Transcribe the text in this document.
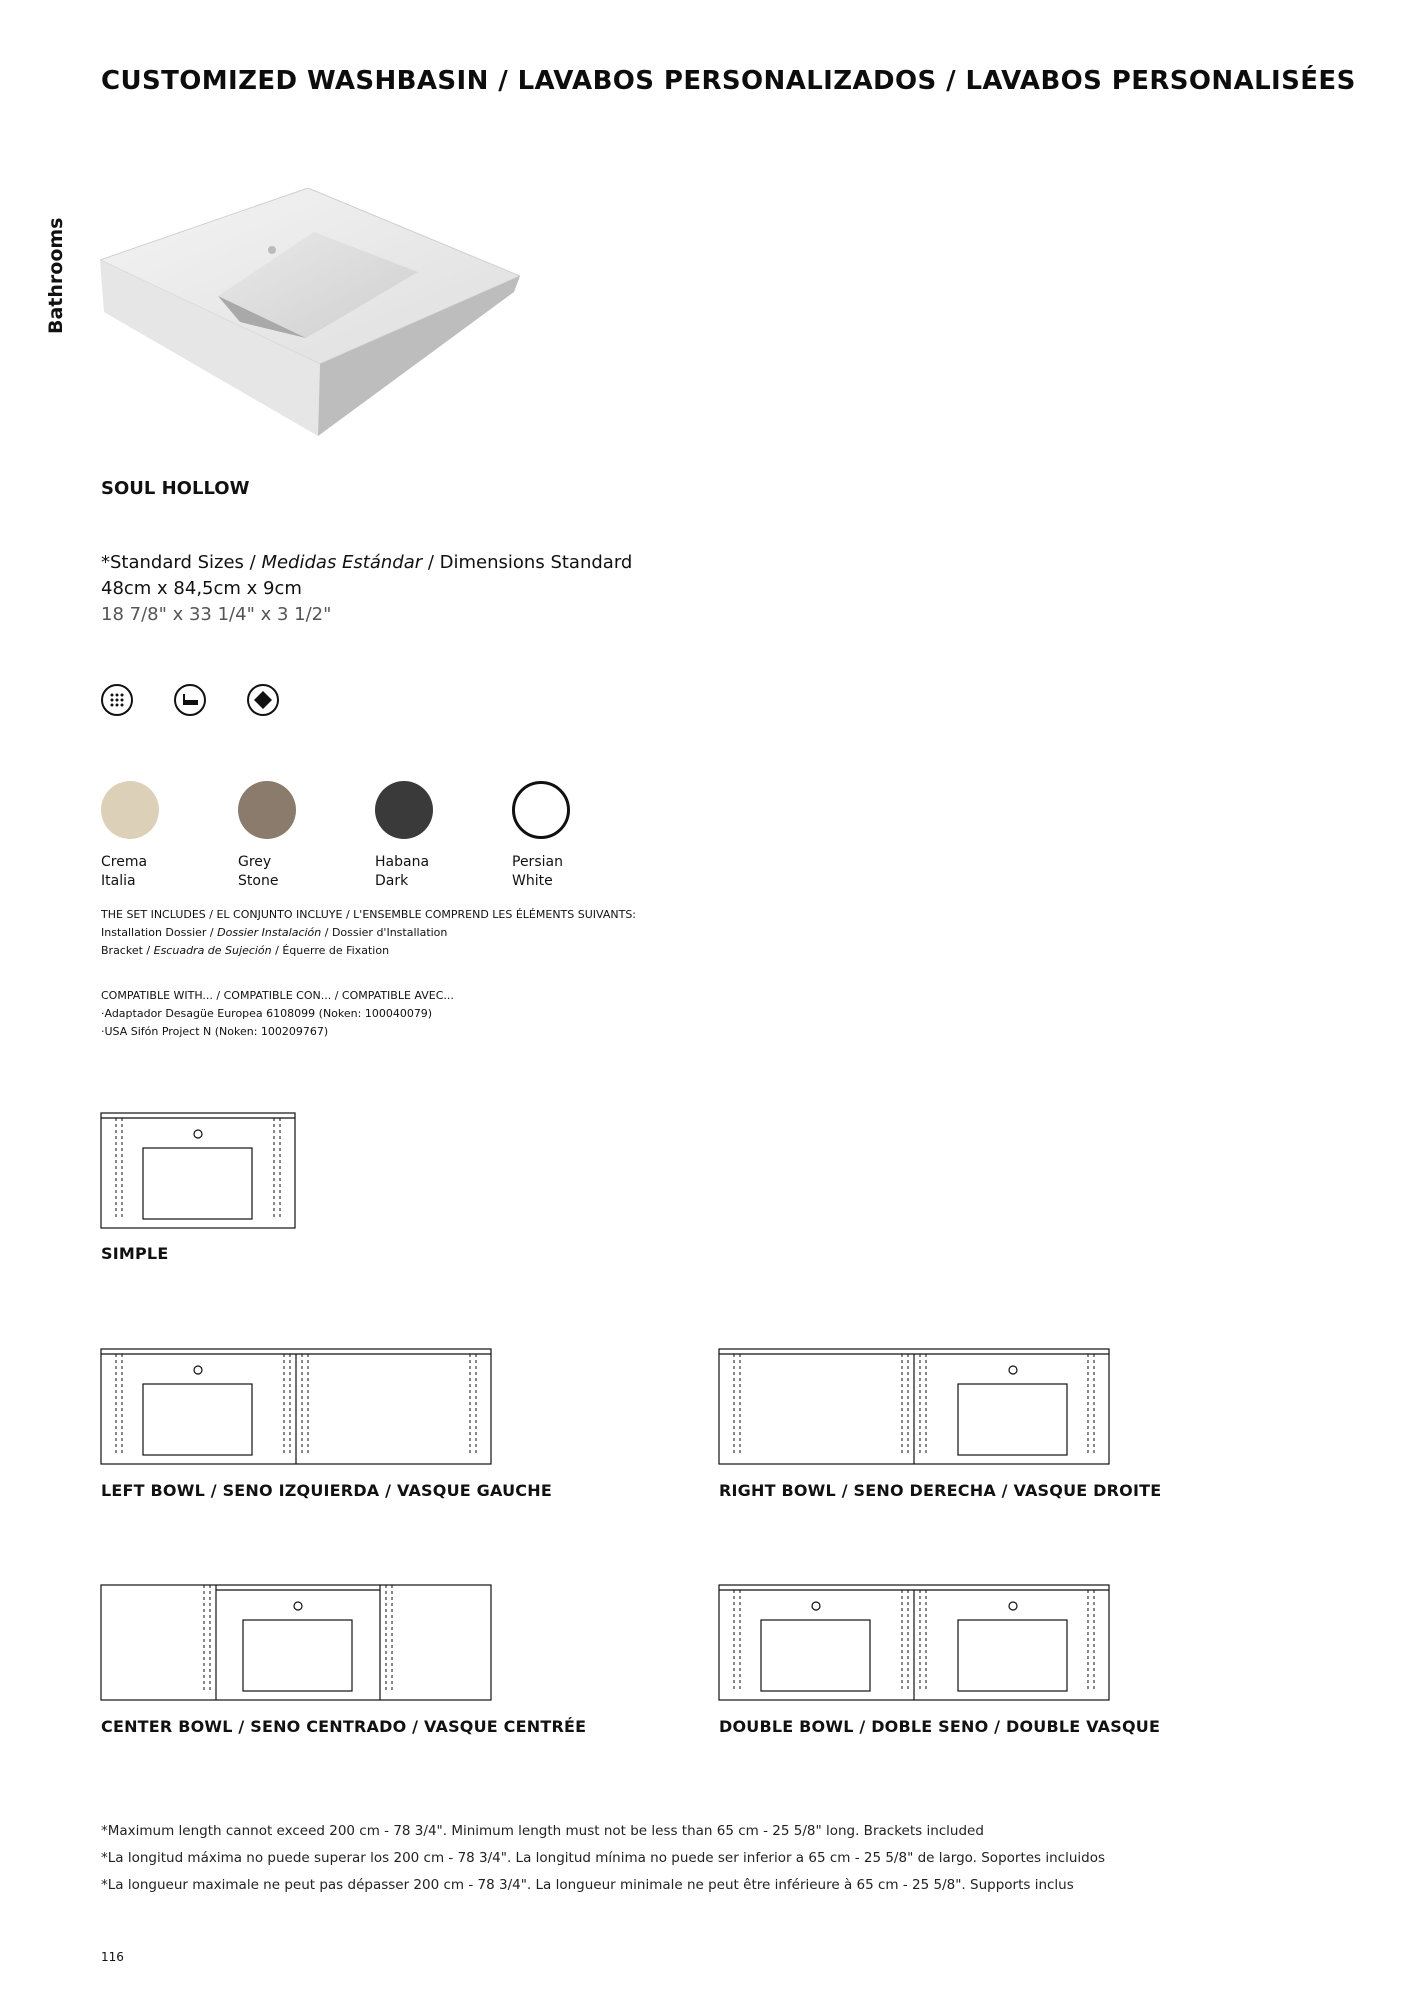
CUSTOMIZED WASHBASIN / LAVABOS PERSONALIZADOS / LAVABOS PERSONALISÉES
Bathrooms
SOUL HOLLOW
*Standard Sizes / Medidas Estándar / Dimensions Standard
48cm x 84,5cm x 9cm
18 7/8" x 33 1/4" x 3 1/2"
Crema
Italia
Grey
Stone
Habana
Dark
Persian
White
THE SET INCLUDES / EL CONJUNTO INCLUYE / L'ENSEMBLE COMPREND LES ÉLÉMENTS SUIVANTS:
Installation Dossier / Dossier Instalación / Dossier d'Installation
Bracket / Escuadra de Sujeción / Équerre de Fixation
COMPATIBLE WITH... / COMPATIBLE CON... / COMPATIBLE AVEC...
·Adaptador Desagüe Europea 6108099 (Noken: 100040079)
·USA Sifón Project N (Noken: 100209767)
SIMPLE
LEFT BOWL / SENO IZQUIERDA / VASQUE GAUCHE	RIGHT BOWL / SENO DERECHA / VASQUE DROITE
CENTER BOWL / SENO CENTRADO / VASQUE CENTRÉE	DOUBLE BOWL / DOBLE SENO / DOUBLE VASQUE
*Maximum length cannot exceed 200 cm - 78 3/4". Minimum length must not be less than 65 cm - 25 5/8" long. Brackets included
*La longitud máxima no puede superar los 200 cm - 78 3/4". La longitud mínima no puede ser inferior a 65 cm - 25 5/8" de largo. Soportes incluidos
*La longueur maximale ne peut pas dépasser 200 cm - 78 3/4". La longueur minimale ne peut être inférieure à 65 cm - 25 5/8". Supports inclus
116
